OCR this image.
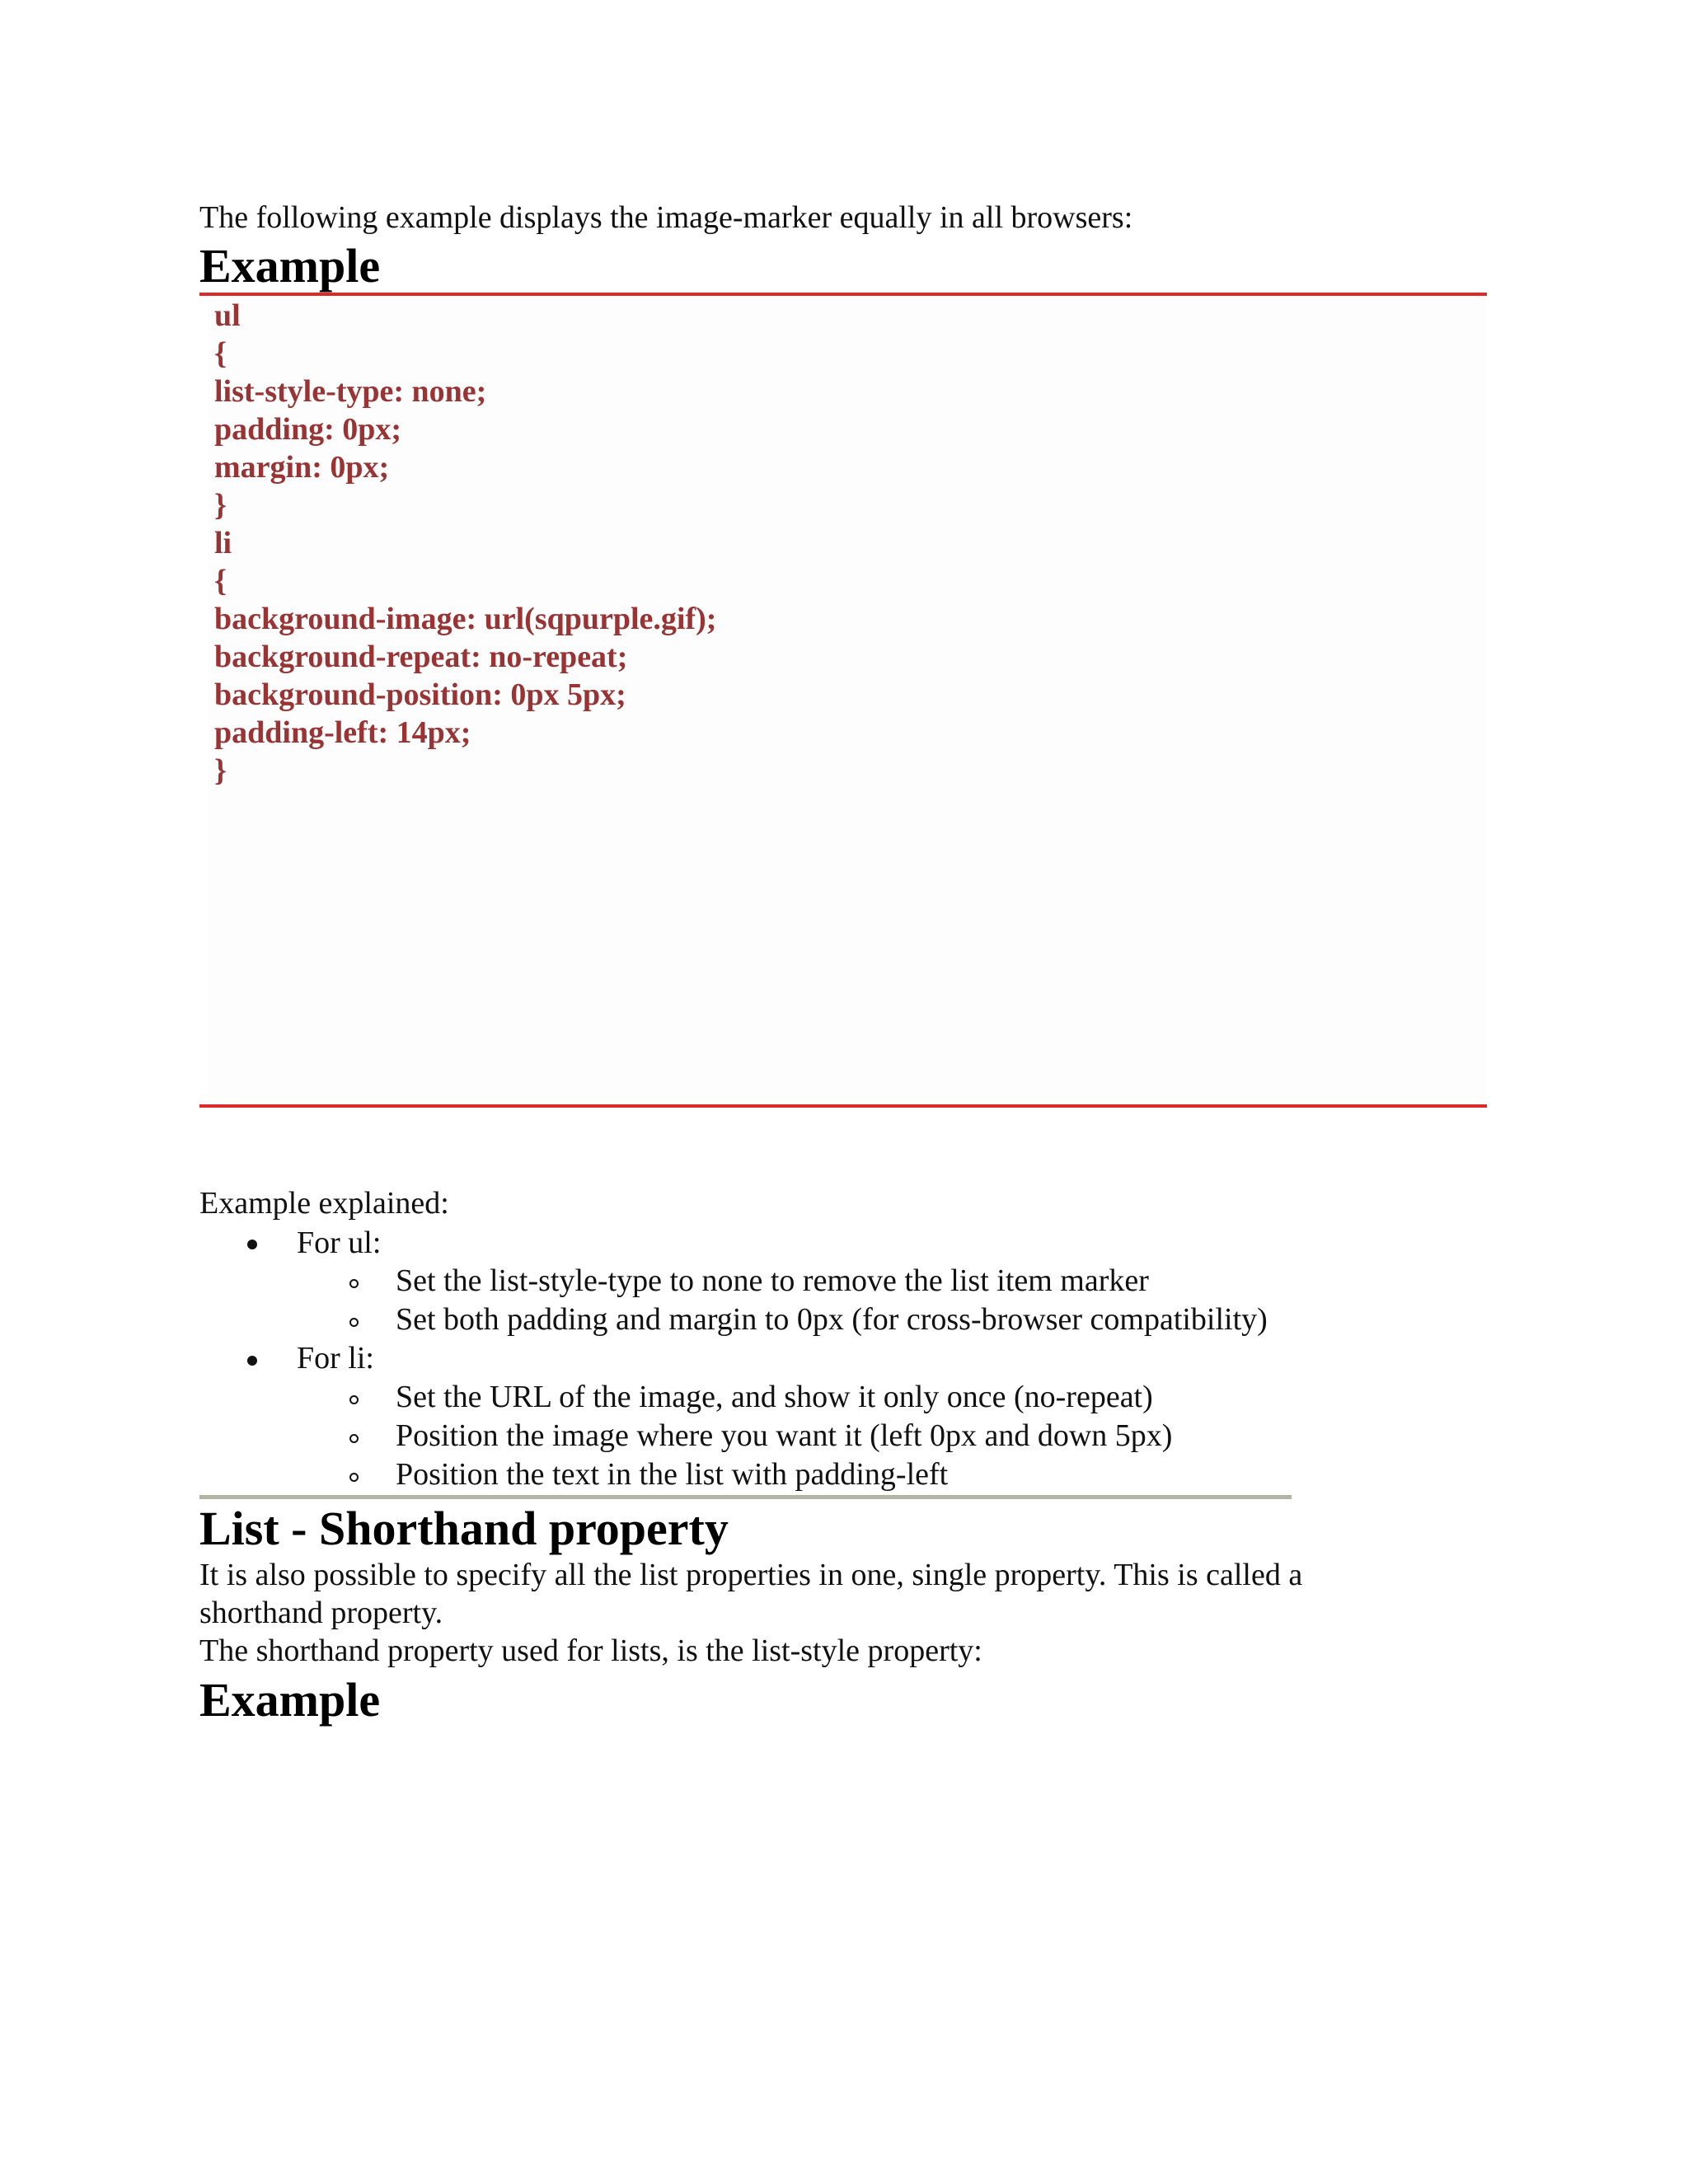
The following example displays the image-marker equally in all browsers:
Example
ul
{
list-style-type: none;
padding: 0px;
margin: 0px;
}
li
{
background-image: url(sqpurple.gif);
background-repeat: no-repeat;
background-position: 0px 5px;
padding-left: 14px;
}
Example explained:
For ul:
Set the list-style-type to none to remove the list item marker
Set both padding and margin to 0px (for cross-browser compatibility)
For li:
Set the URL of the image, and show it only once (no-repeat)
Position the image where you want it (left 0px and down 5px)
Position the text in the list with padding-left
List - Shorthand property
It is also possible to specify all the list properties in one, single property. This is called a
shorthand property.
The shorthand property used for lists, is the list-style property:
Example
